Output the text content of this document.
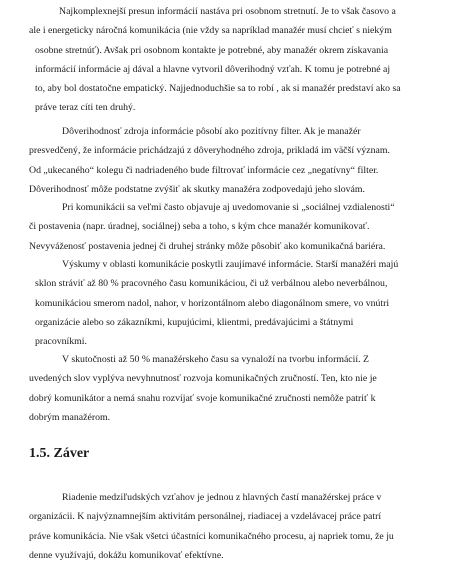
Najkomplexnejší presun informácií nastáva pri osobnom stretnutí. Je to však časovo a
ale i energeticky náročná komunikácia (nie vždy sa napríklad manažér musí chcieť s niekým
osobne stretnúť). Avšak pri osobnom kontakte je potrebné, aby manažér okrem získavania
informácií informácie aj dával a hlavne vytvoril dôverihodný vzťah. K tomu je potrebné aj
to, aby bol dostatočne empatický. Najjednoduchšie sa to robí , ak si manažér predstaví ako sa
práve teraz cíti ten druhý.

Dôverihodnosť zdroja informácie pôsobí ako pozitívny filter. Ak je manažér
presvedčený, že informácie prichádzajú z dôveryhodného zdroja, prikladá im väčší význam.
Od „ukecaného“ kolegu či nadriadeného bude filtrovať informácie cez „negatívny“ filter.
Dôverihodnosť môže podstatne zvýšiť ak skutky manažéra zodpovedajú jeho slovám.

Pri komunikácii sa veľmi často objavuje aj uvedomovanie si „sociálnej vzdialenosti“
či postavenia (napr. úradnej, sociálnej) seba a toho, s kým chce manažér komunikovať.
Nevyváženosť postavenia jednej či druhej stránky môže pôsobiť ako komunikačná bariéra.

Výskumy v oblasti komunikácie poskytli zaujímavé informácie. Starší manažéri majú
sklon stráviť až 80 % pracovného času komunikáciou, či už verbálnou alebo neverbálnou,
komunikáciou smerom nadol, nahor, v horizontálnom alebo diagonálnom smere, vo vnútri
organizácie alebo so zákazníkmi, kupujúcimi, klientmi, predávajúcimi a štátnymi
pracovníkmi.

V skutočnosti až 50 % manažérskeho času sa vynaloží na tvorbu informácií. Z
uvedených slov vyplýva nevyhnutnosť rozvoja komunikačných zručností. Ten, kto nie je
dobrý komunikátor a nemá snahu rozvíjať svoje komunikačné zručnosti nemôže patriť k
dobrým manažérom.

1.5. Záver

Riadenie medziľudských vzťahov je jednou z hlavných častí manažérskej práce v
organizácii. K najvýznamnejším aktivitám personálnej, riadiacej a vzdelávacej práce patrí
práve komunikácia. Nie však všetci účastníci komunikačného procesu, aj napriek tomu, že ju
denne využívajú, dokážu komunikovať efektívne.
